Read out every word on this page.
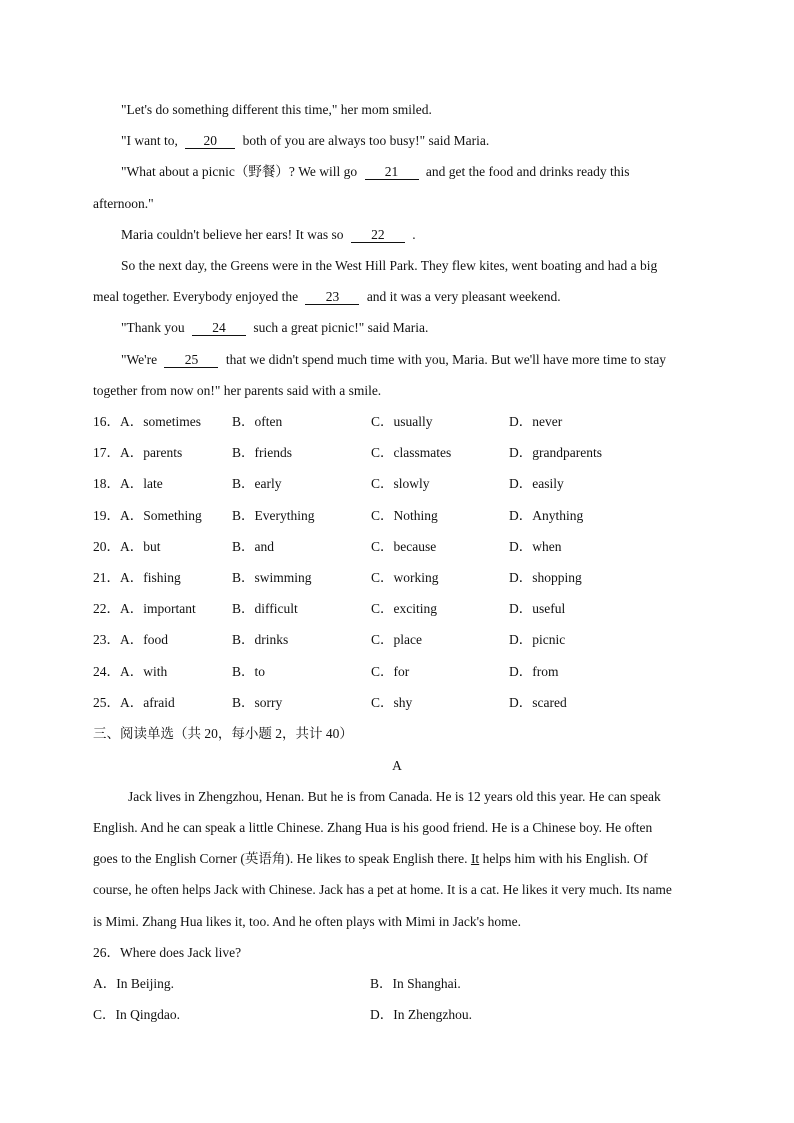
"Let's do something different this time," her mom smiled.
"I want to, 20 both of you are always too busy!" said Maria.
"What about a picnic（野餐）? We will go 21 and get the food and drinks ready this
afternoon."
Maria couldn't believe her ears! It was so 22 .
So the next day, the Greens were in the West Hill Park. They flew kites, went boating and had a big
meal together. Everybody enjoyed the 23 and it was a very pleasant weekend.
"Thank you 24 such a great picnic!" said Maria.
"We're 25 that we didn't spend much time with you, Maria. But we'll have more time to stay
together from now on!" her parents said with a smile.
16．A．sometimes B．often	C．usually	D．never
17．A．parents	B．friends	C．classmates	D．grandparents
18．A．late	B．early	C．slowly	D．easily
19．A．Something B．Everything	C．Nothing	D．Anything
20．A．but	B．and	C．because	D．when
21．A．fishing	B．swimming	C．working	D．shopping
22．A．important	B．difficult	C．exciting	D．useful
23．A．food	B．drinks	C．place	D．picnic
24．A．with	B．to	C．for	D．from
25．A．afraid	B．sorry	C．shy	D．scared
三、阅读单选（共 20，每小题 2，共计 40）
A
Jack lives in Zhengzhou, Henan. But he is from Canada. He is 12 years old this year. He can speak
English. And he can speak a little Chinese. Zhang Hua is his good friend. He is a Chinese boy. He often
goes to the English Corner (英语角). He likes to speak English there. It helps him with his English. Of
course, he often helps Jack with Chinese. Jack has a pet at home. It is a cat. He likes it very much. Its name
is Mimi. Zhang Hua likes it, too. And he often plays with Mimi in Jack's home.
26．Where does Jack live?
A．In Beijing.	B．In Shanghai.
C．In Qingdao.	D．In Zhengzhou.
